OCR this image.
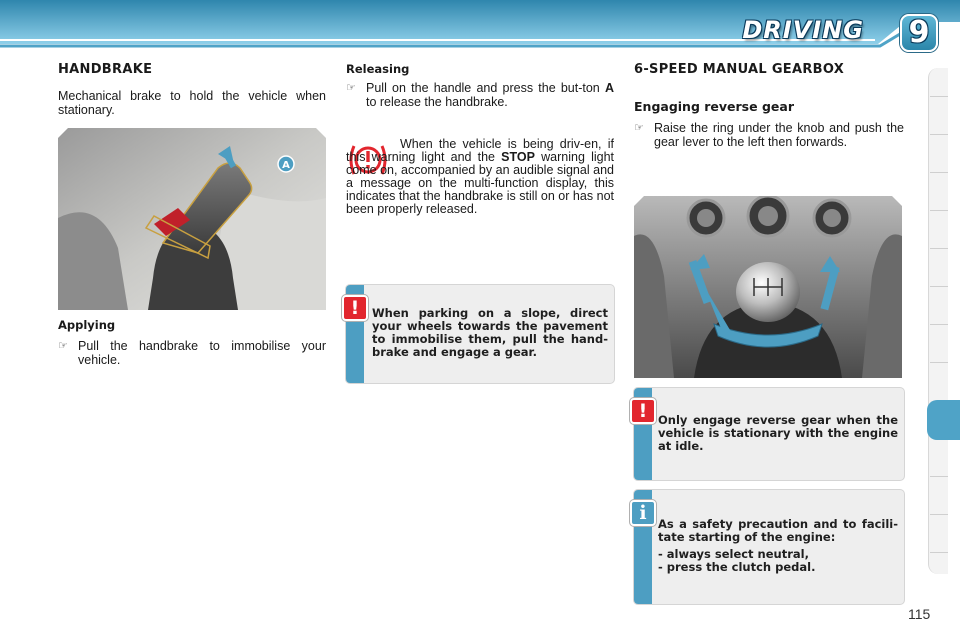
DRIVING 9
HANDBRAKE

Mechanical brake to hold the vehicle when stationary.

A
Applying
☞ Pull the handbrake to immobilise your vehicle.
Releasing
☞ Pull on the handle and press the but-ton A to release the handbrake.

When the vehicle is being driv-en, if this warning light and the STOP warning light come on, accompanied by an audible signal and a message on the multi-function display, this indicates that the handbrake is still on or has not been properly released.

!	When parking on a slope, direct your wheels towards the pavement to immobilise them, pull the hand-brake and engage a gear.
6-SPEED MANUAL GEARBOX
Engaging reverse gear
☞ Raise the ring under the knob and push the gear lever to the left then forwards.
! Only engage reverse gear when the vehicle is stationary with the engine at idle.
i As a safety precaution and to facili-tate starting of the engine:
- always select neutral,
- press the clutch pedal.
115
